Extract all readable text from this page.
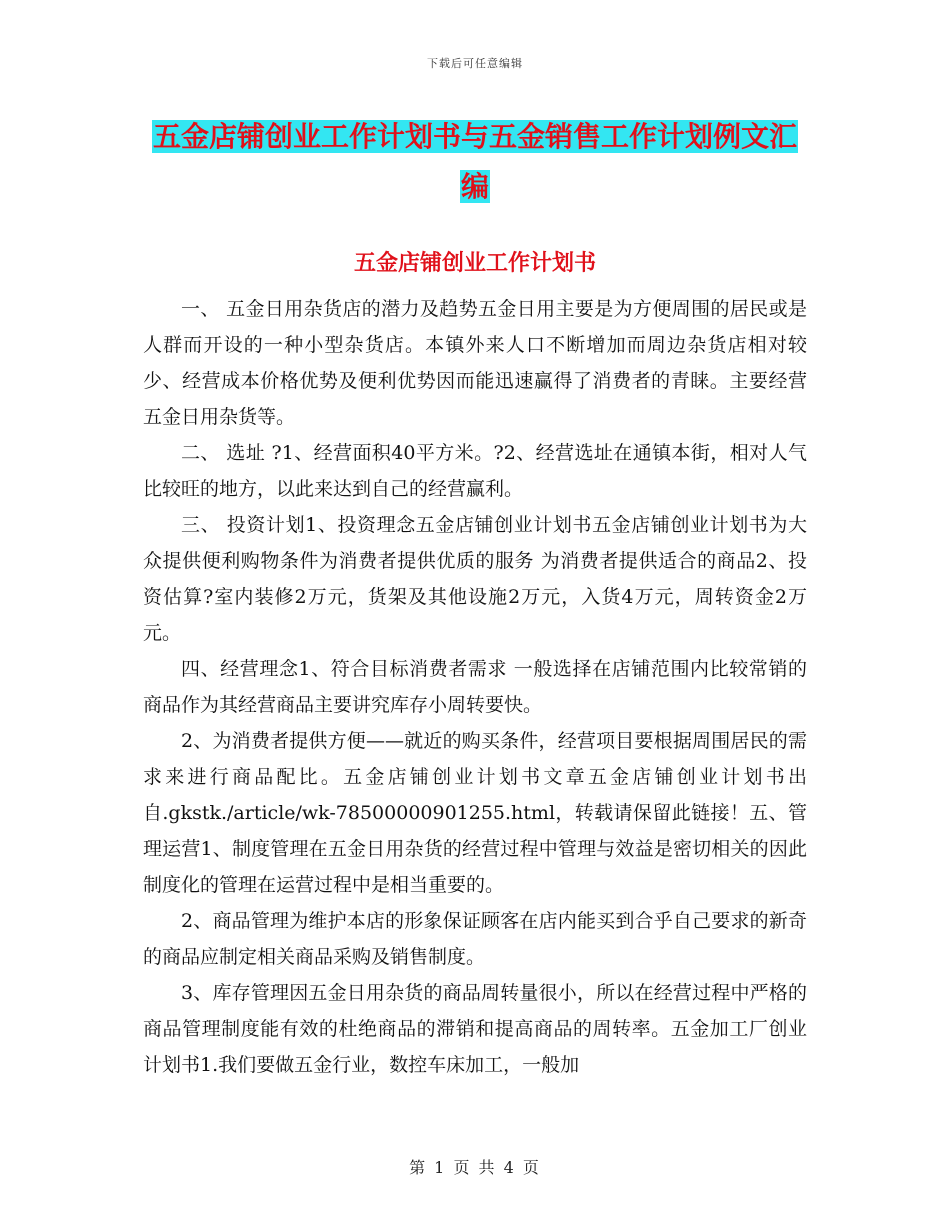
下载后可任意编辑
五金店铺创业工作计划书与五金销售工作计划例文汇
编
五金店铺创业工作计划书

一、 五金日用杂货店的潜力及趋势五金日用主要是为方便周围的居民或是人群而开设的一种小型杂货店。本镇外来人口不断增加而周边杂货店相对较少、经营成本价格优势及便利优势因而能迅速赢得了消费者的青睐。主要经营五金日用杂货等。

二、 选址 ?1、经营面积40平方米。?2、经营选址在通镇本街，相对人气比较旺的地方，以此来达到自己的经营赢利。

三、 投资计划1、投资理念五金店铺创业计划书五金店铺创业计划书为大众提供便利购物条件为消费者提供优质的服务 为消费者提供适合的商品2、投资估算?室内装修2万元，货架及其他设施2万元，入货4万元，周转资金2万元。

四、经营理念1、符合目标消费者需求 一般选择在店铺范围内比较常销的商品作为其经营商品主要讲究库存小周转要快。

2、为消费者提供方便——就近的购买条件，经营项目要根据周围居民的需求来进行商品配比。五金店铺创业计划书文章五金店铺创业计划书出自.gkstk./article/wk-78500000901255.html，转载请保留此链接！五、管理运营1、制度管理在五金日用杂货的经营过程中管理与效益是密切相关的因此制度化的管理在运营过程中是相当重要的。

2、商品管理为维护本店的形象保证顾客在店内能买到合乎自己要求的新奇的商品应制定相关商品采购及销售制度。

3、库存管理因五金日用杂货的商品周转量很小，所以在经营过程中严格的商品管理制度能有效的杜绝商品的滞销和提高商品的周转率。五金加工厂创业计划书1.我们要做五金行业，数控车床加工，一般加

第 1 页 共 4 页
